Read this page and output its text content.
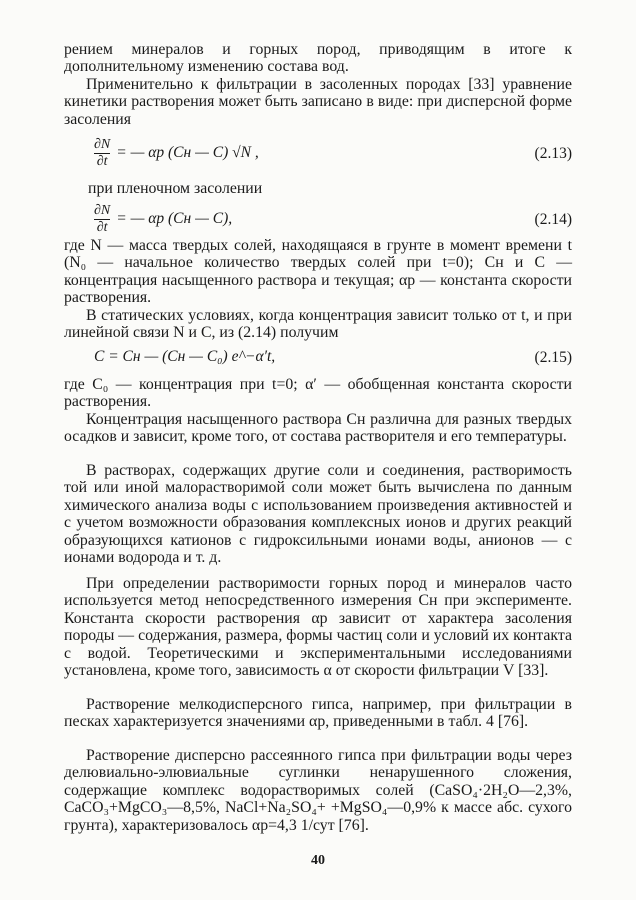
рением минералов и горных пород, приводящим в итоге к дополнительному изменению состава вод.

Применительно к фильтрации в засоленных породах [33] уравнение кинетики растворения может быть записано в виде: при дисперсной форме засоления

$\frac{\partial N}{\partial t}$ = — αр (Cн — C) √N ,	(2.13)

при пленочном засолении

$\frac{\partial N}{\partial t}$ = — αр (Cн — C),	(2.14)

где N — масса твердых солей, находящаяся в грунте в момент времени t (N₀ — начальное количество твердых солей при t=0); Cн и C — концентрация насыщенного раствора и текущая; αр — константа скорости растворения.

В статических условиях, когда концентрация зависит только от t, и при линейной связи N и C, из (2.14) получим

C = Cн — (Cн — C₀) e^−α′t,	(2.15)

где C₀ — концентрация при t=0; α′ — обобщенная константа скорости растворения.

Концентрация насыщенного раствора Cн различна для разных твердых осадков и зависит, кроме того, от состава растворителя и его температуры.

В растворах, содержащих другие соли и соединения, растворимость той или иной малорастворимой соли может быть вычислена по данным химического анализа воды с использованием произведения активностей и с учетом возможности образования комплексных ионов и других реакций образующихся катионов с гидроксильными ионами воды, анионов — с ионами водорода и т. д.

При определении растворимости горных пород и минералов часто используется метод непосредственного измерения Cн при эксперименте. Константа скорости растворения αр зависит от характера засоления породы — содержания, размера, формы частиц соли и условий их контакта с водой. Теоретическими и экспериментальными исследованиями установлена, кроме того, зависимость α от скорости фильтрации V [33].

Растворение мелкодисперсного гипса, например, при фильтрации в песках характеризуется значениями αр, приведенными в табл. 4 [76].

Растворение дисперсно рассеянного гипса при фильтрации воды через делювиально-элювиальные суглинки ненарушенного сложения, содержащие комплекс водорастворимых солей (CaSO₄·2H₂O—2,3%, CaCO₃+MgCO₃—8,5%, NaCl+Na₂SO₄+ +MgSO₄—0,9% к массе абс. сухого грунта), характеризовалось αр=4,3 1/сут [76].

40
